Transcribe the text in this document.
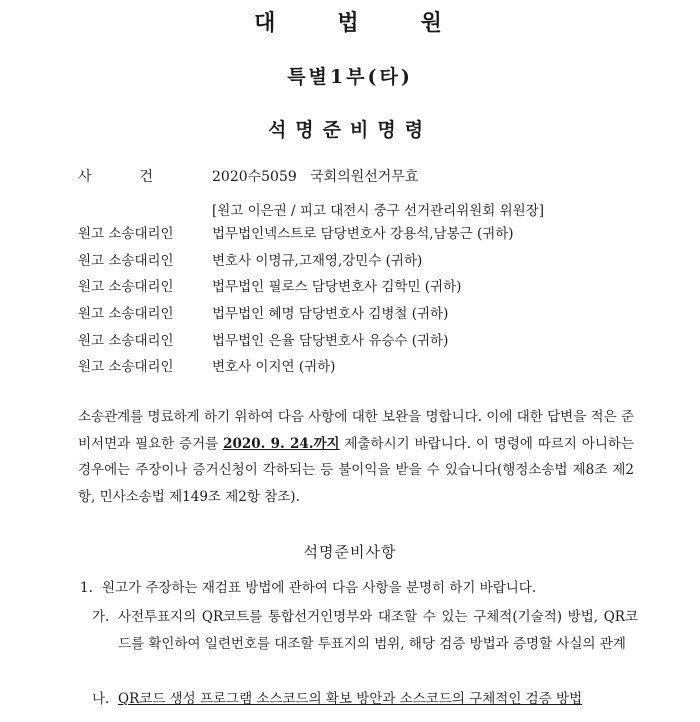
대법원
특별1부(타)
석명준비명령
사건 2020수5059 국회의원선거무효
[원고 이은권 / 피고 대전시 중구 선거관리위원회 위원장]
원고 소송대리인	법무법인넥스트로 담당변호사 강용석,남봉근 (귀하)
원고 소송대리인	변호사 이명규,고재영,강민수 (귀하)
원고 소송대리인	법무법인 필로스 담당변호사 김학민 (귀하)
원고 소송대리인	법무법인 혜명 담당변호사 김병철 (귀하)
원고 소송대리인	법무법인 은율 담당변호사 유승수 (귀하)
원고 소송대리인	변호사 이지연 (귀하)
소송관계를 명료하게 하기 위하여 다음 사항에 대한 보완을 명합니다. 이에 대한 답변을 적은 준비서면과 필요한 증거를 2020. 9. 24.까지 제출하시기 바랍니다. 이 명령에 따르지 아니하는 경우에는 주장이나 증거신청이 각하되는 등 불이익을 받을 수 있습니다(행정소송법 제8조 제2항, 민사소송법 제149조 제2항 참조).
석명준비사항
1. 원고가 주장하는 재검표 방법에 관하여 다음 사항을 분명히 하기 바랍니다.
가. 사전투표지의 QR코트를 통합선거인명부와 대조할 수 있는 구체적(기술적) 방법, QR코드를 확인하여 일련번호를 대조할 투표지의 범위, 해당 검증 방법과 증명할 사실의 관계
나. QR코드 생성 프로그램 소스코드의 확보 방안과 소스코드의 구체적인 검증 방법
